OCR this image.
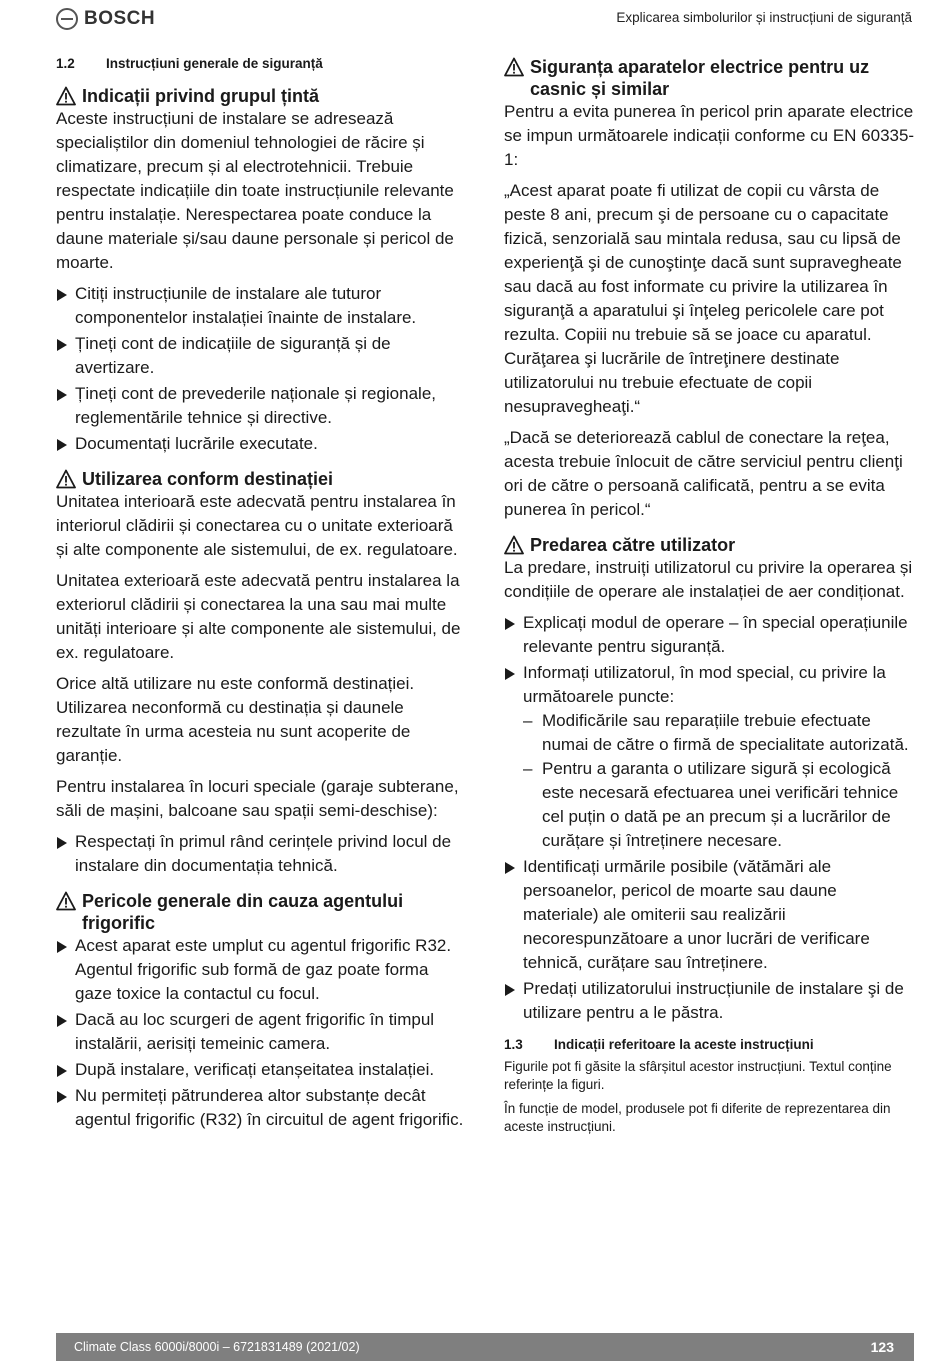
BOSCH	Explicarea simbolurilor și instrucțiuni de siguranță
1.2	Instrucțiuni generale de siguranță
Indicații privind grupul țintă

Aceste instrucțiuni de instalare se adresează specialiștilor din domeniul tehnologiei de răcire și climatizare, precum și al electrotehnicii. Trebuie respectate indicațiile din toate instrucțiunile relevante pentru instalație. Nerespectarea poate conduce la daune materiale și/sau daune personale și pericol de moarte.

Citiți instrucțiunile de instalare ale tuturor componentelor instalației înainte de instalare.
Țineți cont de indicațiile de siguranță și de avertizare.
Țineți cont de prevederile naționale și regionale, reglementările tehnice și directive.
Documentați lucrările executate.
Utilizarea conform destinației

Unitatea interioară este adecvată pentru instalarea în interiorul clădirii și conectarea cu o unitate exterioară și alte componente ale sistemului, de ex. regulatoare.

Unitatea exterioară este adecvată pentru instalarea la exteriorul clădirii și conectarea la una sau mai multe unități interioare și alte componente ale sistemului, de ex. regulatoare.

Orice altă utilizare nu este conformă destinației. Utilizarea neconformă cu destinația și daunele rezultate în urma acesteia nu sunt acoperite de garanție.

Pentru instalarea în locuri speciale (garaje subterane, săli de mașini, balcoane sau spații semi-deschise):

Respectați în primul rând cerințele privind locul de instalare din documentația tehnică.
Pericole generale din cauza agentului frigorific
Acest aparat este umplut cu agentul frigorific R32. Agentul frigorific sub formă de gaz poate forma gaze toxice la contactul cu focul.
Dacă au loc scurgeri de agent frigorific în timpul instalării, aerisiți temeinic camera.
După instalare, verificați etanșeitatea instalației.
Nu permiteți pătrunderea altor substanțe decât agentul frigorific (R32) în circuitul de agent frigorific.
Siguranța aparatelor electrice pentru uz casnic și similar

Pentru a evita punerea în pericol prin aparate electrice se impun următoarele indicații conforme cu EN 60335-1:

„Acest aparat poate fi utilizat de copii cu vârsta de peste 8 ani, precum şi de persoane cu o capacitate fizică, senzorială sau mintala redusa, sau cu lipsă de experienţă şi de cunoştinţe dacă sunt supravegheate sau dacă au fost informate cu privire la utilizarea în siguranţă a aparatului şi înţeleg pericolele care pot rezulta. Copiii nu trebuie să se joace cu aparatul. Curăţarea şi lucrările de întreţinere destinate utilizatorului nu trebuie efectuate de copii nesupravegheaţi.“

„Dacă se deteriorează cablul de conectare la reţea, acesta trebuie înlocuit de către serviciul pentru clienţi ori de către o persoană calificată, pentru a se evita punerea în pericol.“

Predarea către utilizator

La predare, instruiți utilizatorul cu privire la operarea și condițiile de operare ale instalației de aer condiționat.

Explicați modul de operare – în special operațiunile relevante pentru siguranță.
Informați utilizatorul, în mod special, cu privire la următoarele puncte:
– Modificările sau reparațiile trebuie efectuate numai de către o firmă de specialitate autorizată.
– Pentru a garanta o utilizare sigură și ecologică este necesară efectuarea unei verificări tehnice cel puțin o dată pe an precum și a lucrărilor de curățare și întreținere necesare.
Identificați urmările posibile (vătămări ale persoanelor, pericol de moarte sau daune materiale) ale omiterii sau realizării necorespunzătoare a unor lucrări de verificare tehnică, curățare sau întreținere.
Predați utilizatorului instrucțiunile de instalare şi de utilizare pentru a le păstra.
1.3	Indicații referitoare la aceste instrucțiuni

Figurile pot fi găsite la sfârșitul acestor instrucțiuni. Textul conține referințe la figuri.

În funcție de model, produsele pot fi diferite de reprezentarea din aceste instrucțiuni.

Climate Class 6000i/8000i – 6721831489 (2021/02)	123
